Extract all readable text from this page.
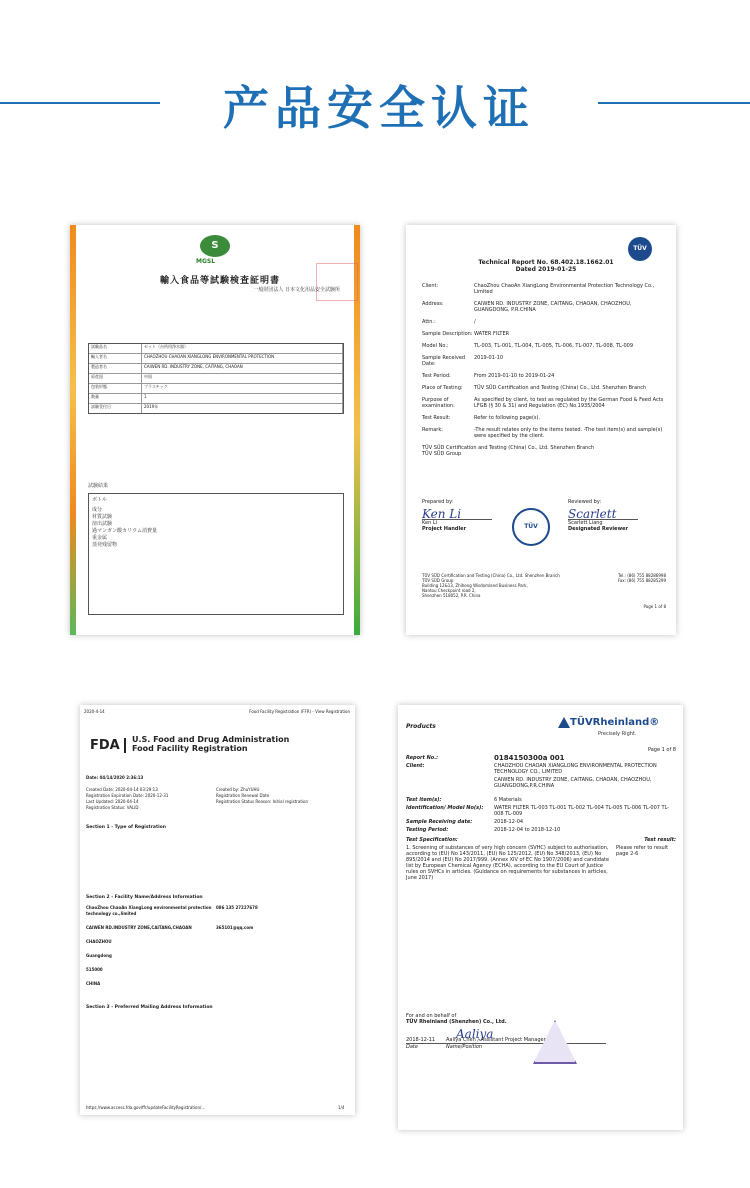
产品安全认证
S
MGSL
輸入食品等試験検査証明書
一般財団法人 日本文化用品安全試験所
試験品名	セット（台所用浄水器）
輸入者名	CHAOZHOU CHAOAN XIANGLONG ENVIRONMENTAL PROTECTION
製造者名	CAIWEN RD. INDUSTRY ZONE, CAITANG, CHAOAN
原産国	中国
包装形態	プラスチック
数量	1
試験受付日	2019年
試験結果
ボトル
成分
材質試験
溶出試験
過マンガン酸カリウム消費量
重金属
蒸発残留物
TÜV
Technical Report No. 68.402.18.1662.01
Dated 2019-01-25
Client:	ChaoZhou ChaoAn XiangLong Environmental Protection Technology Co., Limited
Address:	CAIWEN RD. INDUSTRY ZONE, CAITANG, CHAOAN, CHAOZHOU, GUANGDONG, P.R.CHINA
Attn.:	/
Sample Description: WATER FILTER
Model No.:	TL-003, TL-001, TL-004, TL-005, TL-006, TL-007, TL-008, TL-009
Sample Received Date:
2019-01-10
Test Period:	From 2019-01-10 to 2019-01-24
Place of Testing:	TÜV SÜD Certification and Testing (China) Co., Ltd. Shenzhen Branch
Purpose of examination:
As specified by client, to test as regulated by the German Food & Feed Acts LFGB (§ 30 & 31) and Regulation (EC) No.1935/2004
Test Result:	Refer to following page(s).
Remark:	-The result relates only to the items tested. -The test item(s) and sample(s) were specified by the client.
TÜV SÜD Certification and Testing (China) Co., Ltd. Shenzhen Branch
TÜV SÜD Group
Prepared by:
Ken Li
Ken Li
Project Handler	TÜV
Reviewed by:
Scarlett
Scarlett Liang
Designated Reviewer
TÜV SÜD Certification and Testing (China) Co., Ltd. Shenzhen Branch
TÜV SÜD Group
Building 12&13, Zhiheng Wisdomland Business Park,
Nantou Checkpoint road 2,
Shenzhen 518052, P.R. China
Tel.: (86) 755 88286998
Fax: (86) 755 88285299
Page 1 of 8
2020-4-14	Food Facility Registration (FFR) - View Registration
FDA	U.S. Food and Drug Administration
Food Facility Registration
Date: 04/14/2020 2:36:13
Created Date: 2020-04-14 03:29:13
Registration Expiration Date: 2020-12-31
Last Updated: 2020-04-14
Registration Status: VALID
Created by: ZhuYUHU
Registration Renewal Date
Registration Status Reason: Initial registration
Section 1 - Type of Registration
Section 2 - Facility Name/Address Information
ChaoZhou ChaoAn XiangLong environmental protection technology co.,limited
CAIWEN RD.INDUSTRY ZONE,CAITANG,CHAOAN
CHAOZHOU
Guangdong
515000
CHINA
086 135 27227678
365101@qq.com
Section 3 - Preferred Mailing Address Information
https://www.access.fda.gov/ffr/updateFacilityRegistration/...	1/4
Products	TÜVRheinland®
Precisely Right.
Page 1 of 8
Report No.:	0184150300a 001
Client:	CHAOZHOU CHAOAN XIANGLONG ENVIRONMENTAL PROTECTION TECHNOLOGY CO., LIMITED
CAIWEN RD. INDUSTRY ZONE, CAITANG, CHAOAN, CHAOZHOU, GUANGDONG,P.R.CHINA
Test item(s):	6 Materials
Identification/ Model No(s):	WATER FILTER TL-003 TL-001 TL-002 TL-004 TL-005 TL-006 TL-007 TL-008 TL-009
Sample Receiving date:	2018-12-04
Testing Period:	2018-12-04 to 2018-12-10
Test Specification:	Test result:
1. Screening of substances of very high concern (SVHC) subject to authorisation, according to (EU) No 143/2011, (EU) No 125/2012, (EU) No 348/2013, (EU) No 895/2014 and (EU) No 2017/999. (Annex XIV of EC No 1907/2006) and candidate list by European Chemical Agency (ECHA), according to the EU Court of Justice rules on SVHCs in articles. (Guidance on requirements for substances in articles, June 2017)
Please refer to result page 2-6
For and on behalf of
TÜV Rheinland (Shenzhen) Co., Ltd.
Aaliya
2018-12-11	Aaliya Chen / Assistant Project Manager
Date	Name/Position
